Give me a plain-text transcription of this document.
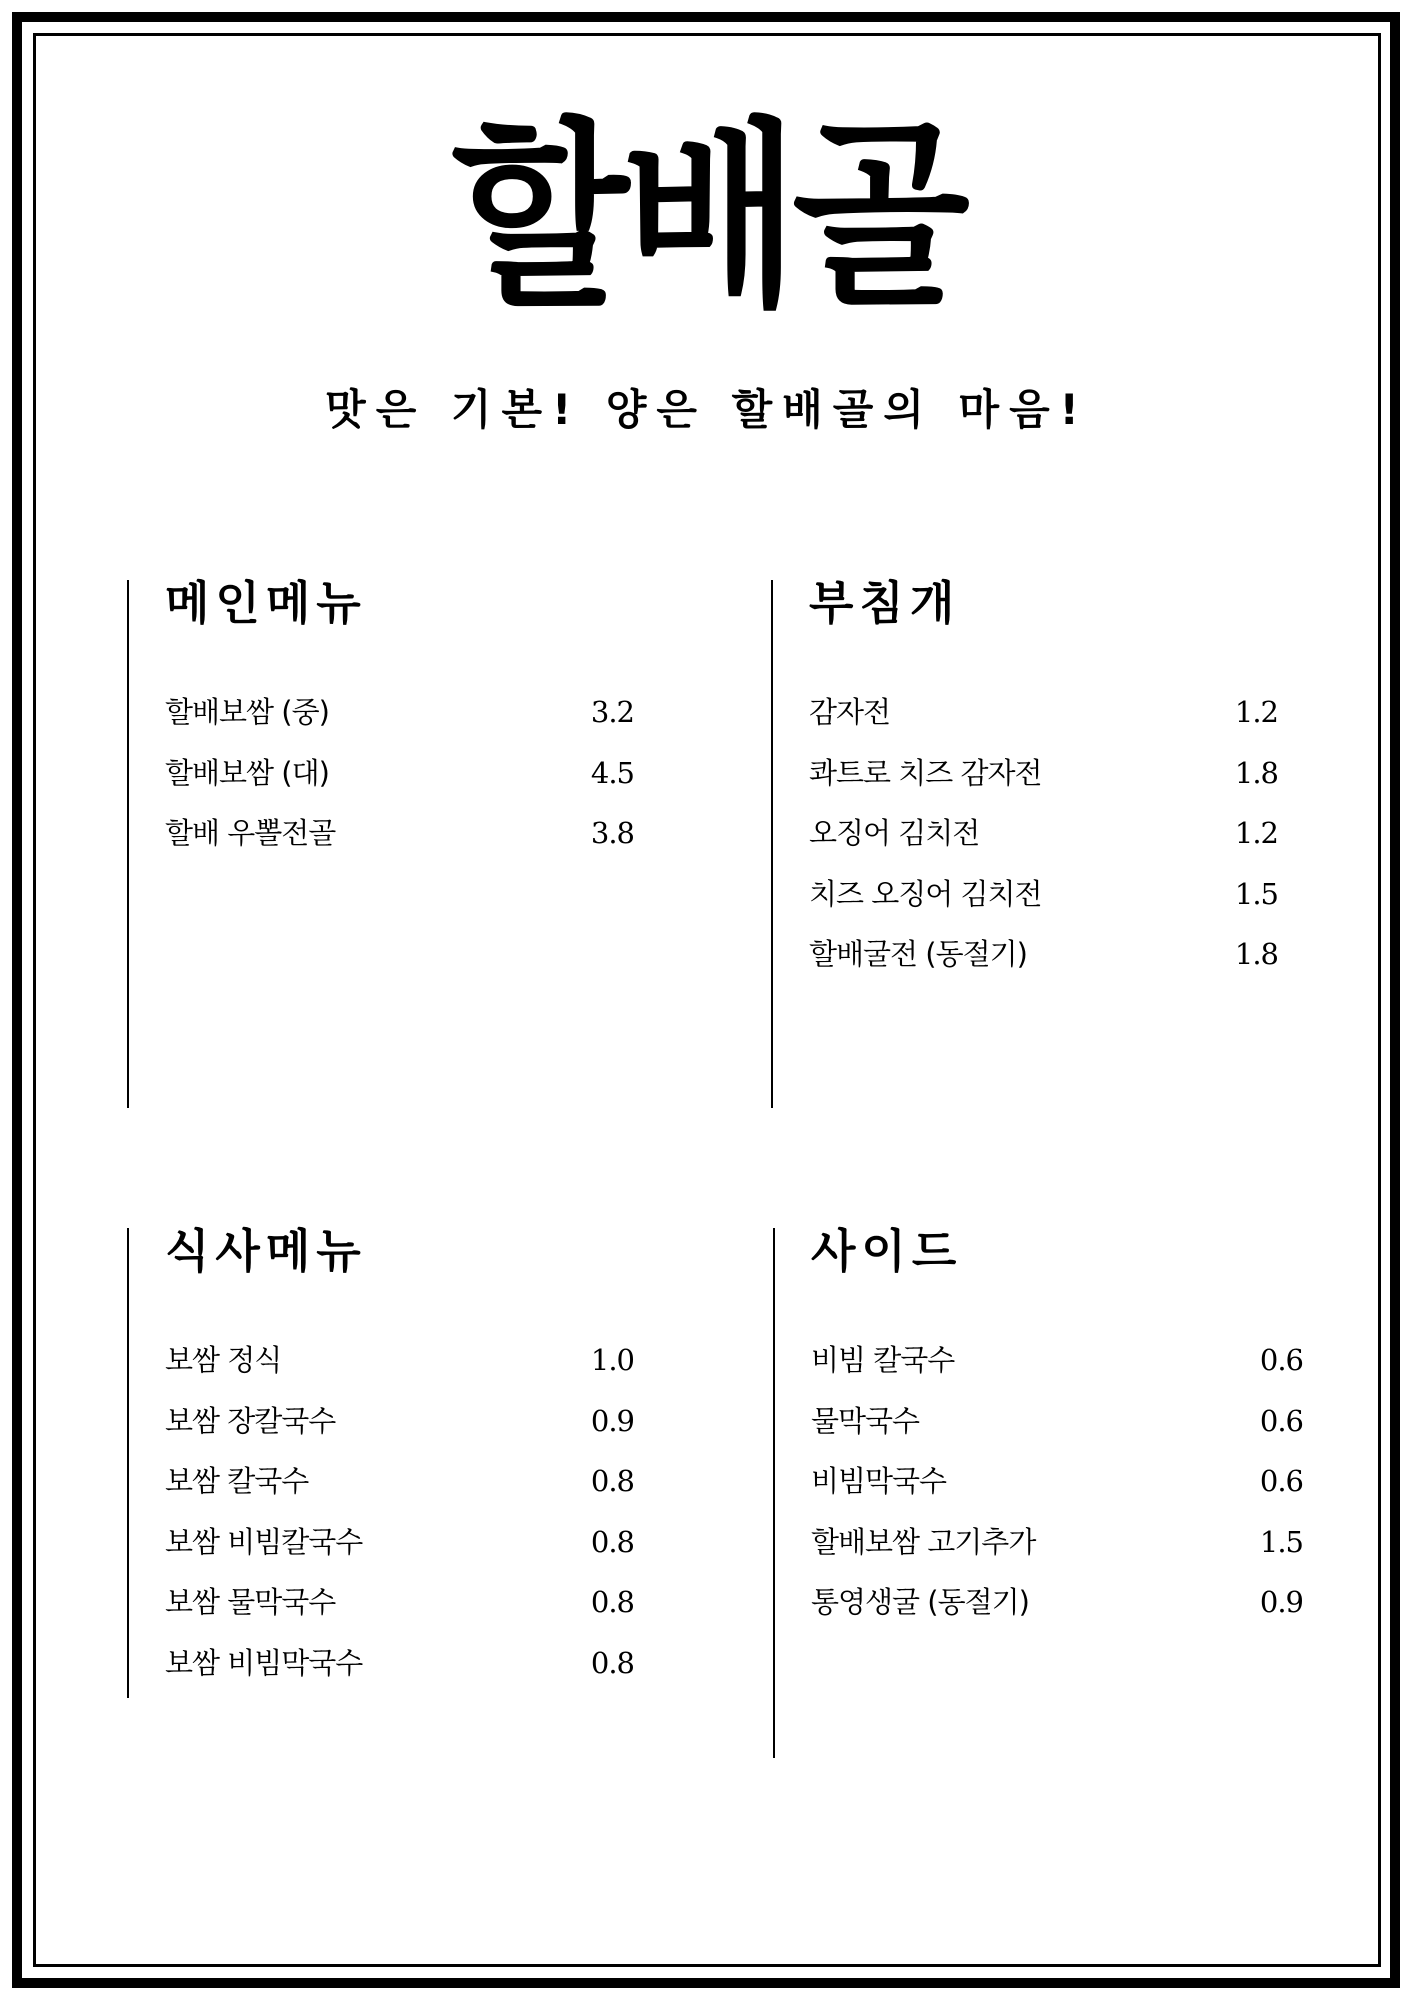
할배골
맛은 기본! 양은 할배골의 마음!
메인메뉴
할배보쌈 (중)	3.2
할배보쌈 (대)	4.5
할배 우뽈전골	3.8
부침개
감자전	1.2
콰트로 치즈 감자전	1.8
오징어 김치전	1.2
치즈 오징어 김치전	1.5
할배굴전 (동절기)	1.8
식사메뉴
보쌈 정식	1.0
보쌈 장칼국수	0.9
보쌈 칼국수	0.8
보쌈 비빔칼국수	0.8
보쌈 물막국수	0.8
보쌈 비빔막국수	0.8
사이드
비빔 칼국수	0.6
물막국수	0.6
비빔막국수	0.6
할배보쌈 고기추가	1.5
통영생굴 (동절기)	0.9
